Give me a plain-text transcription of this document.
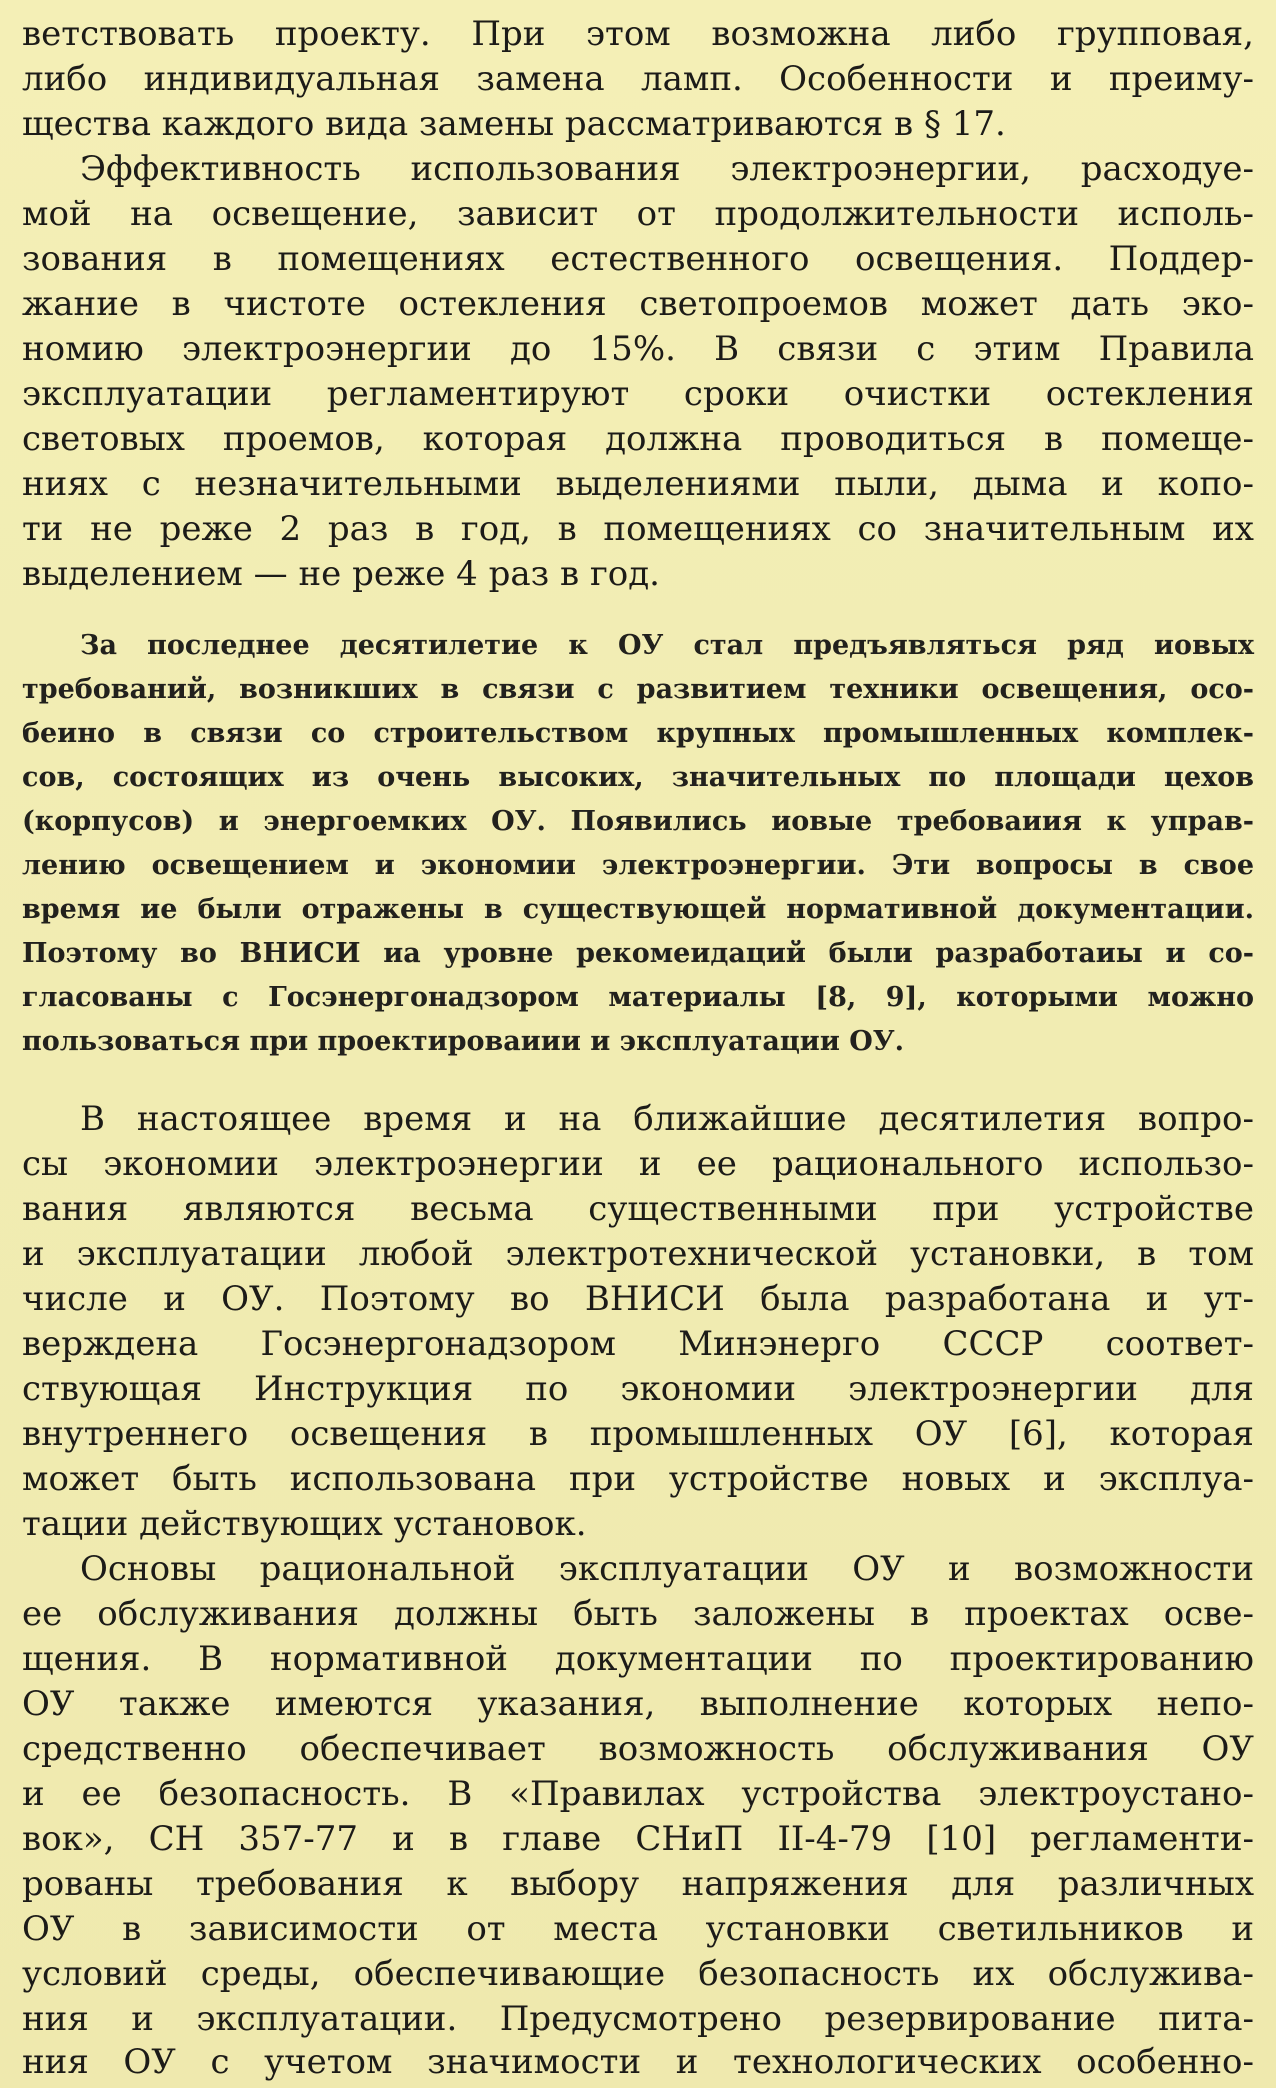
ветствовать проекту. При этом возможна либо групповая,
либо индивидуальная замена ламп. Особенности и преиму-
щества каждого вида замены рассматриваются в § 17.
Эффективность использования электроэнергии, расходуе-
мой на освещение, зависит от продолжительности исполь-
зования в помещениях естественного освещения. Поддер-
жание в чистоте остекления светопроемов может дать эко-
номию электроэнергии до 15%. В связи с этим Правила
эксплуатации регламентируют сроки очистки остекления
световых проемов, которая должна проводиться в помеще-
ниях с незначительными выделениями пыли, дыма и копо-
ти не реже 2 раз в год, в помещениях со значительным их
выделением — не реже 4 раз в год.
За последнее десятилетие к ОУ стал предъявляться ряд иовых
требований, возникших в связи с развитием техники освещения, осо-
беино в связи со строительством крупных промышленных комплек-
сов, состоящих из очень высоких, значительных по площади цехов
(корпусов) и энергоемких ОУ. Появились иовые требоваиия к управ-
лению освещением и экономии электроэнергии. Эти вопросы в свое
время ие были отражены в существующей нормативной документации.
Поэтому во ВНИСИ иа уровне рекомеидаций были разработаиы и со-
гласованы с Госэнергонадзором материалы [8, 9], которыми можно
пользоваться при проектироваиии и эксплуатации ОУ.
В настоящее время и на ближайшие десятилетия вопро-
сы экономии электроэнергии и ее рационального использо-
вания являются весьма существенными при устройстве
и эксплуатации любой электротехнической установки, в том
числе и ОУ. Поэтому во ВНИСИ была разработана и ут-
верждена Госэнергонадзором Минэнерго СССР соответ-
ствующая Инструкция по экономии электроэнергии для
внутреннего освещения в промышленных ОУ [6], которая
может быть использована при устройстве новых и эксплуа-
тации действующих установок.
Основы рациональной эксплуатации ОУ и возможности
ее обслуживания должны быть заложены в проектах осве-
щения. В нормативной документации по проектированию
ОУ также имеются указания, выполнение которых непо-
средственно обеспечивает возможность обслуживания ОУ
и ее безопасность. В «Правилах устройства электроустано-
вок», СН 357-77 и в главе СНиП II-4-79 [10] регламенти-
рованы требования к выбору напряжения для различных
ОУ в зависимости от места установки светильников и
условий среды, обеспечивающие безопасность их обслужива-
ния и эксплуатации. Предусмотрено резервирование пита-
ния ОУ с учетом значимости и технологических особенно-
